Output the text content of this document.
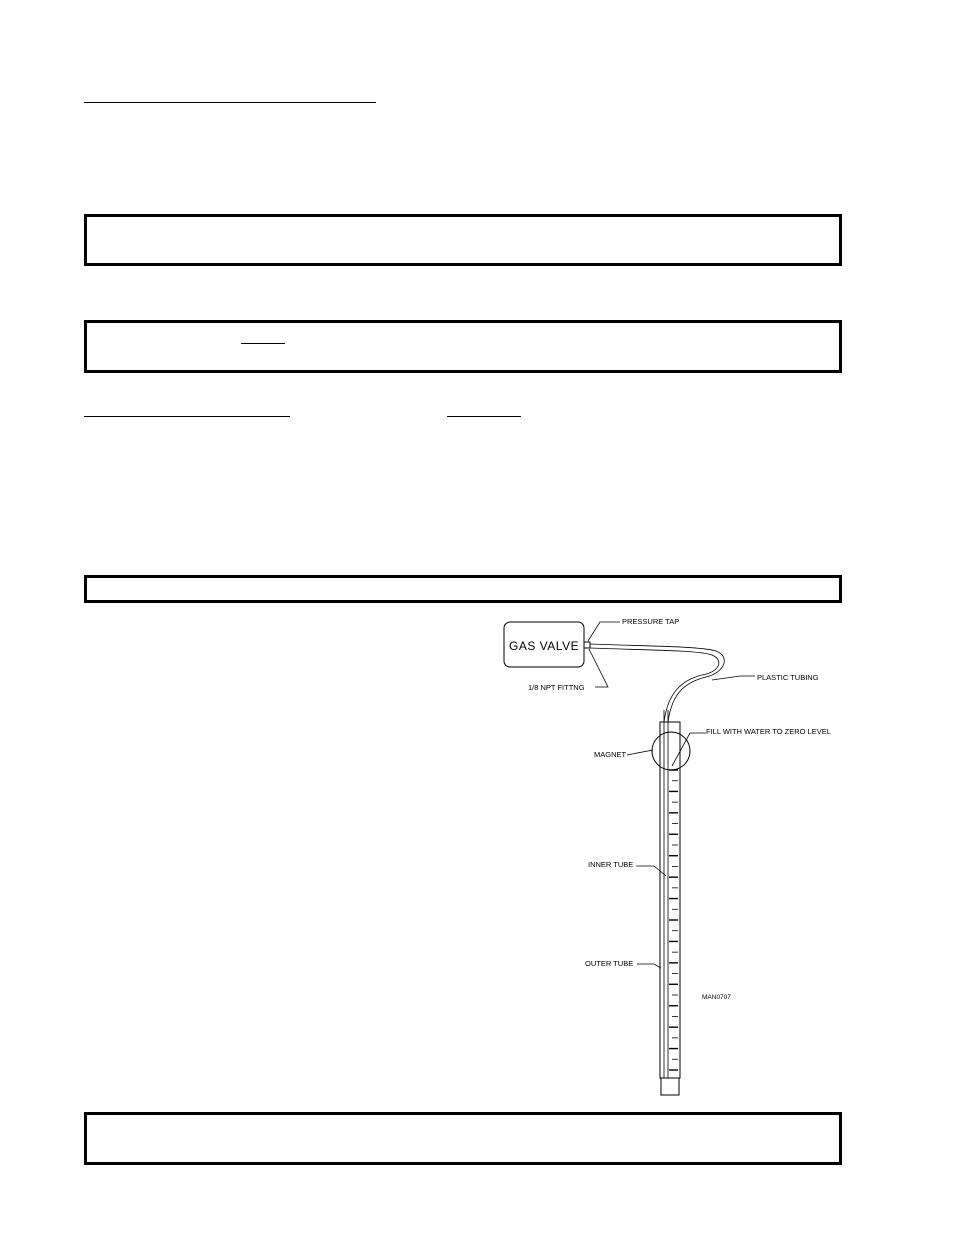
GAS VALVE
PRESSURE TAP
1/8 NPT FITTNG
PLASTIC TUBING
MAGNET
FILL WITH WATER TO ZERO LEVEL
INNER TUBE
OUTER TUBE
MAN0707
